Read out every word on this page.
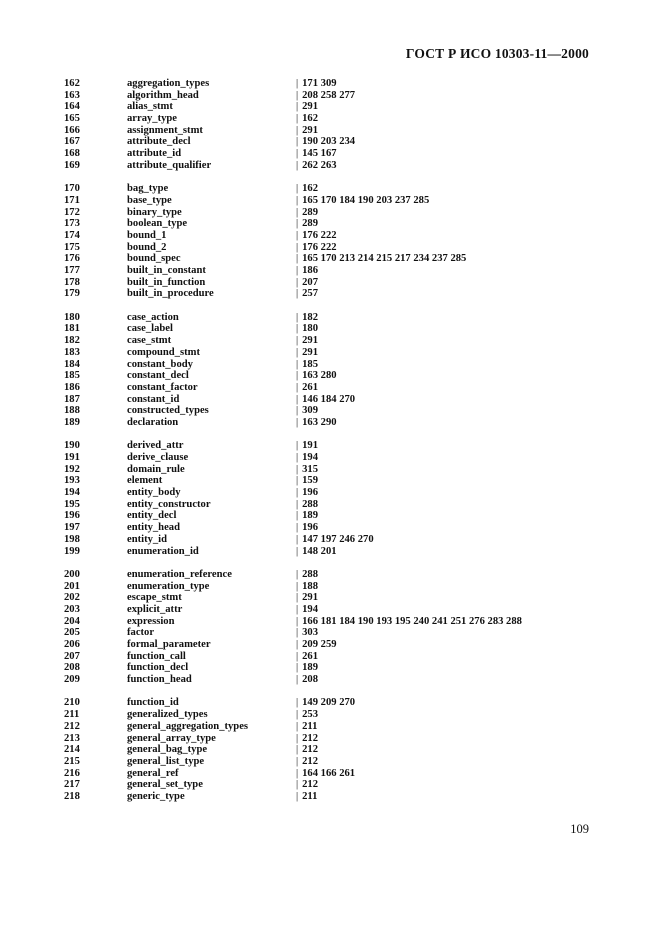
ГОСТ Р ИСО 10303-11—2000
162	aggregation_types	| 171 309
163	algorithm_head	| 208 258 277
164	alias_stmt	| 291
165	array_type	| 162
166	assignment_stmt	| 291
167	attribute_decl	| 190 203 234
168	attribute_id	| 145 167
169	attribute_qualifier	| 262 263
170	bag_type	| 162
171	base_type	| 165 170 184 190 203 237 285
172	binary_type	| 289
173	boolean_type	| 289
174	bound_1	| 176 222
175	bound_2	| 176 222
176	bound_spec	| 165 170 213 214 215 217 234 237 285
177	built_in_constant	| 186
178	built_in_function	| 207
179	built_in_procedure	| 257
180	case_action	| 182
181	case_label	| 180
182	case_stmt	| 291
183	compound_stmt	| 291
184	constant_body	| 185
185	constant_decl	| 163 280
186	constant_factor	| 261
187	constant_id	| 146 184 270
188	constructed_types	| 309
189	declaration	| 163 290
190	derived_attr	| 191
191	derive_clause	| 194
192	domain_rule	| 315
193	element	| 159
194	entity_body	| 196
195	entity_constructor	| 288
196	entity_decl	| 189
197	entity_head	| 196
198	entity_id	| 147 197 246 270
199	enumeration_id	| 148 201
200	enumeration_reference	| 288
201	enumeration_type	| 188
202	escape_stmt	| 291
203	explicit_attr	| 194
204	expression	| 166 181 184 190 193 195 240 241 251 276 283 288
205	factor	| 303
206	formal_parameter	| 209 259
207	function_call	| 261
208	function_decl	| 189
209	function_head	| 208
210	function_id	| 149 209 270
211	generalized_types	| 253
212	general_aggregation_types	| 211
213	general_array_type	| 212
214	general_bag_type	| 212
215	general_list_type	| 212
216	general_ref	| 164 166 261
217	general_set_type	| 212
218	generic_type	| 211
109
